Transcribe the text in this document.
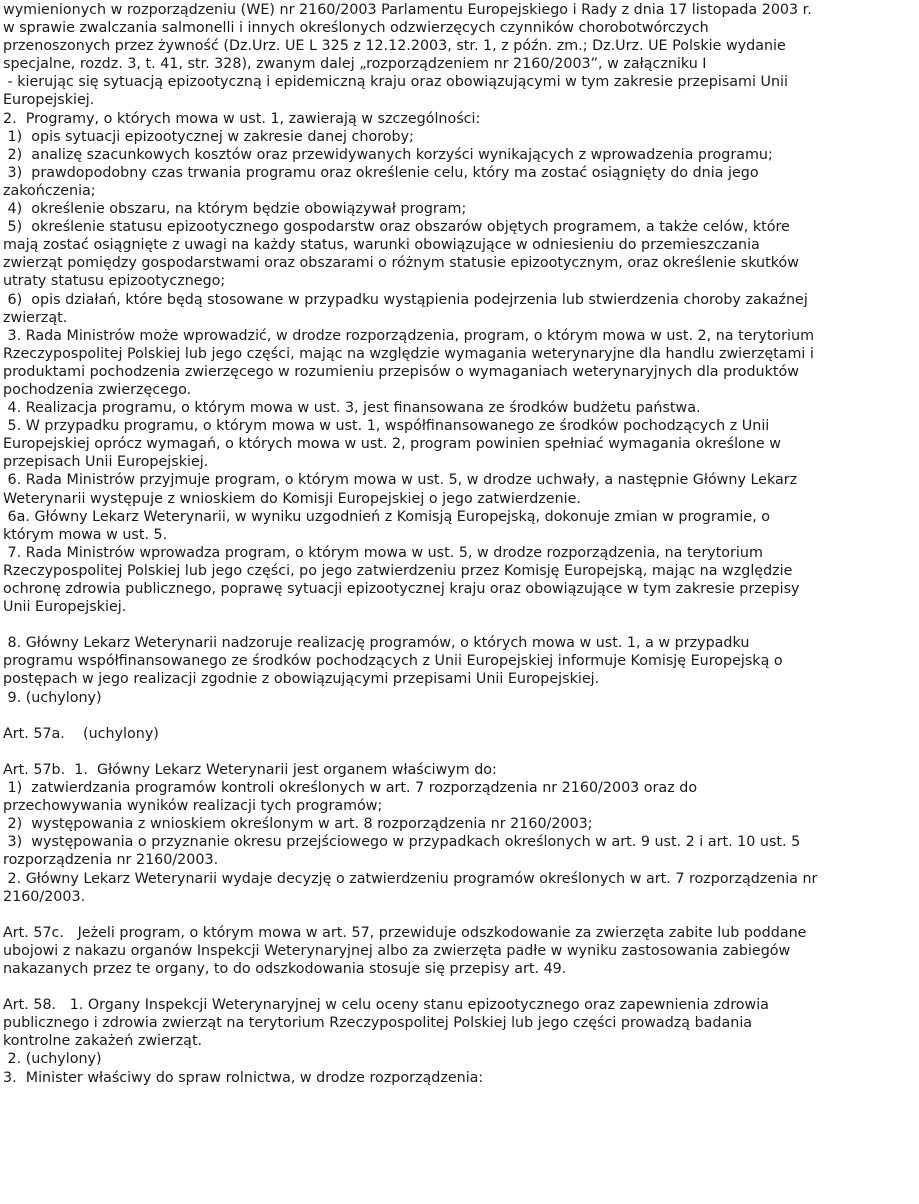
wymienionych w rozporządzeniu (WE) nr 2160/2003 Parlamentu Europejskiego i Rady z dnia 17 listopada 2003 r.
w sprawie zwalczania salmonelli i innych określonych odzwierzęcych czynników chorobotwórczych
przenoszonych przez żywność (Dz.Urz. UE L 325 z 12.12.2003, str. 1, z późn. zm.; Dz.Urz. UE Polskie wydanie
specjalne, rozdz. 3, t. 41, str. 328), zwanym dalej „rozporządzeniem nr 2160/2003”, w załączniku I
- kierując się sytuacją epizootyczną i epidemiczną kraju oraz obowiązującymi w tym zakresie przepisami Unii
Europejskiej.
2.  Programy, o których mowa w ust. 1, zawierają w szczególności:
1)  opis sytuacji epizootycznej w zakresie danej choroby;
2)  analizę szacunkowych kosztów oraz przewidywanych korzyści wynikających z wprowadzenia programu;
3)  prawdopodobny czas trwania programu oraz określenie celu, który ma zostać osiągnięty do dnia jego
zakończenia;
4)  określenie obszaru, na którym będzie obowiązywał program;
5)  określenie statusu epizootycznego gospodarstw oraz obszarów objętych programem, a także celów, które
mają zostać osiągnięte z uwagi na każdy status, warunki obowiązujące w odniesieniu do przemieszczania
zwierząt pomiędzy gospodarstwami oraz obszarami o różnym statusie epizootycznym, oraz określenie skutków
utraty statusu epizootycznego;
6)  opis działań, które będą stosowane w przypadku wystąpienia podejrzenia lub stwierdzenia choroby zakaźnej
zwierząt.
3. Rada Ministrów może wprowadzić, w drodze rozporządzenia, program, o którym mowa w ust. 2, na terytorium
Rzeczypospolitej Polskiej lub jego części, mając na względzie wymagania weterynaryjne dla handlu zwierzętami i
produktami pochodzenia zwierzęcego w rozumieniu przepisów o wymaganiach weterynaryjnych dla produktów
pochodzenia zwierzęcego.
4. Realizacja programu, o którym mowa w ust. 3, jest finansowana ze środków budżetu państwa.
5. W przypadku programu, o którym mowa w ust. 1, współfinansowanego ze środków pochodzących z Unii
Europejskiej oprócz wymagań, o których mowa w ust. 2, program powinien spełniać wymagania określone w
przepisach Unii Europejskiej.
6. Rada Ministrów przyjmuje program, o którym mowa w ust. 5, w drodze uchwały, a następnie Główny Lekarz
Weterynarii występuje z wnioskiem do Komisji Europejskiej o jego zatwierdzenie.
6a. Główny Lekarz Weterynarii, w wyniku uzgodnień z Komisją Europejską, dokonuje zmian w programie, o
którym mowa w ust. 5.
7. Rada Ministrów wprowadza program, o którym mowa w ust. 5, w drodze rozporządzenia, na terytorium
Rzeczypospolitej Polskiej lub jego części, po jego zatwierdzeniu przez Komisję Europejską, mając na względzie
ochronę zdrowia publicznego, poprawę sytuacji epizootycznej kraju oraz obowiązujące w tym zakresie przepisy
Unii Europejskiej.
8. Główny Lekarz Weterynarii nadzoruje realizację programów, o których mowa w ust. 1, a w przypadku
programu współfinansowanego ze środków pochodzących z Unii Europejskiej informuje Komisję Europejską o
postępach w jego realizacji zgodnie z obowiązującymi przepisami Unii Europejskiej.
9. (uchylony)
Art. 57a.    (uchylony)
Art. 57b.  1.  Główny Lekarz Weterynarii jest organem właściwym do:
1)  zatwierdzania programów kontroli określonych w art. 7 rozporządzenia nr 2160/2003 oraz do
przechowywania wyników realizacji tych programów;
2)  występowania z wnioskiem określonym w art. 8 rozporządzenia nr 2160/2003;
3)  występowania o przyznanie okresu przejściowego w przypadkach określonych w art. 9 ust. 2 i art. 10 ust. 5
rozporządzenia nr 2160/2003.
2. Główny Lekarz Weterynarii wydaje decyzję o zatwierdzeniu programów określonych w art. 7 rozporządzenia nr
2160/2003.
Art. 57c.   Jeżeli program, o którym mowa w art. 57, przewiduje odszkodowanie za zwierzęta zabite lub poddane
ubojowi z nakazu organów Inspekcji Weterynaryjnej albo za zwierzęta padłe w wyniku zastosowania zabiegów
nakazanych przez te organy, to do odszkodowania stosuje się przepisy art. 49.
Art. 58.   1. Organy Inspekcji Weterynaryjnej w celu oceny stanu epizootycznego oraz zapewnienia zdrowia
publicznego i zdrowia zwierząt na terytorium Rzeczypospolitej Polskiej lub jego części prowadzą badania
kontrolne zakażeń zwierząt.
2. (uchylony)
3.  Minister właściwy do spraw rolnictwa, w drodze rozporządzenia:
